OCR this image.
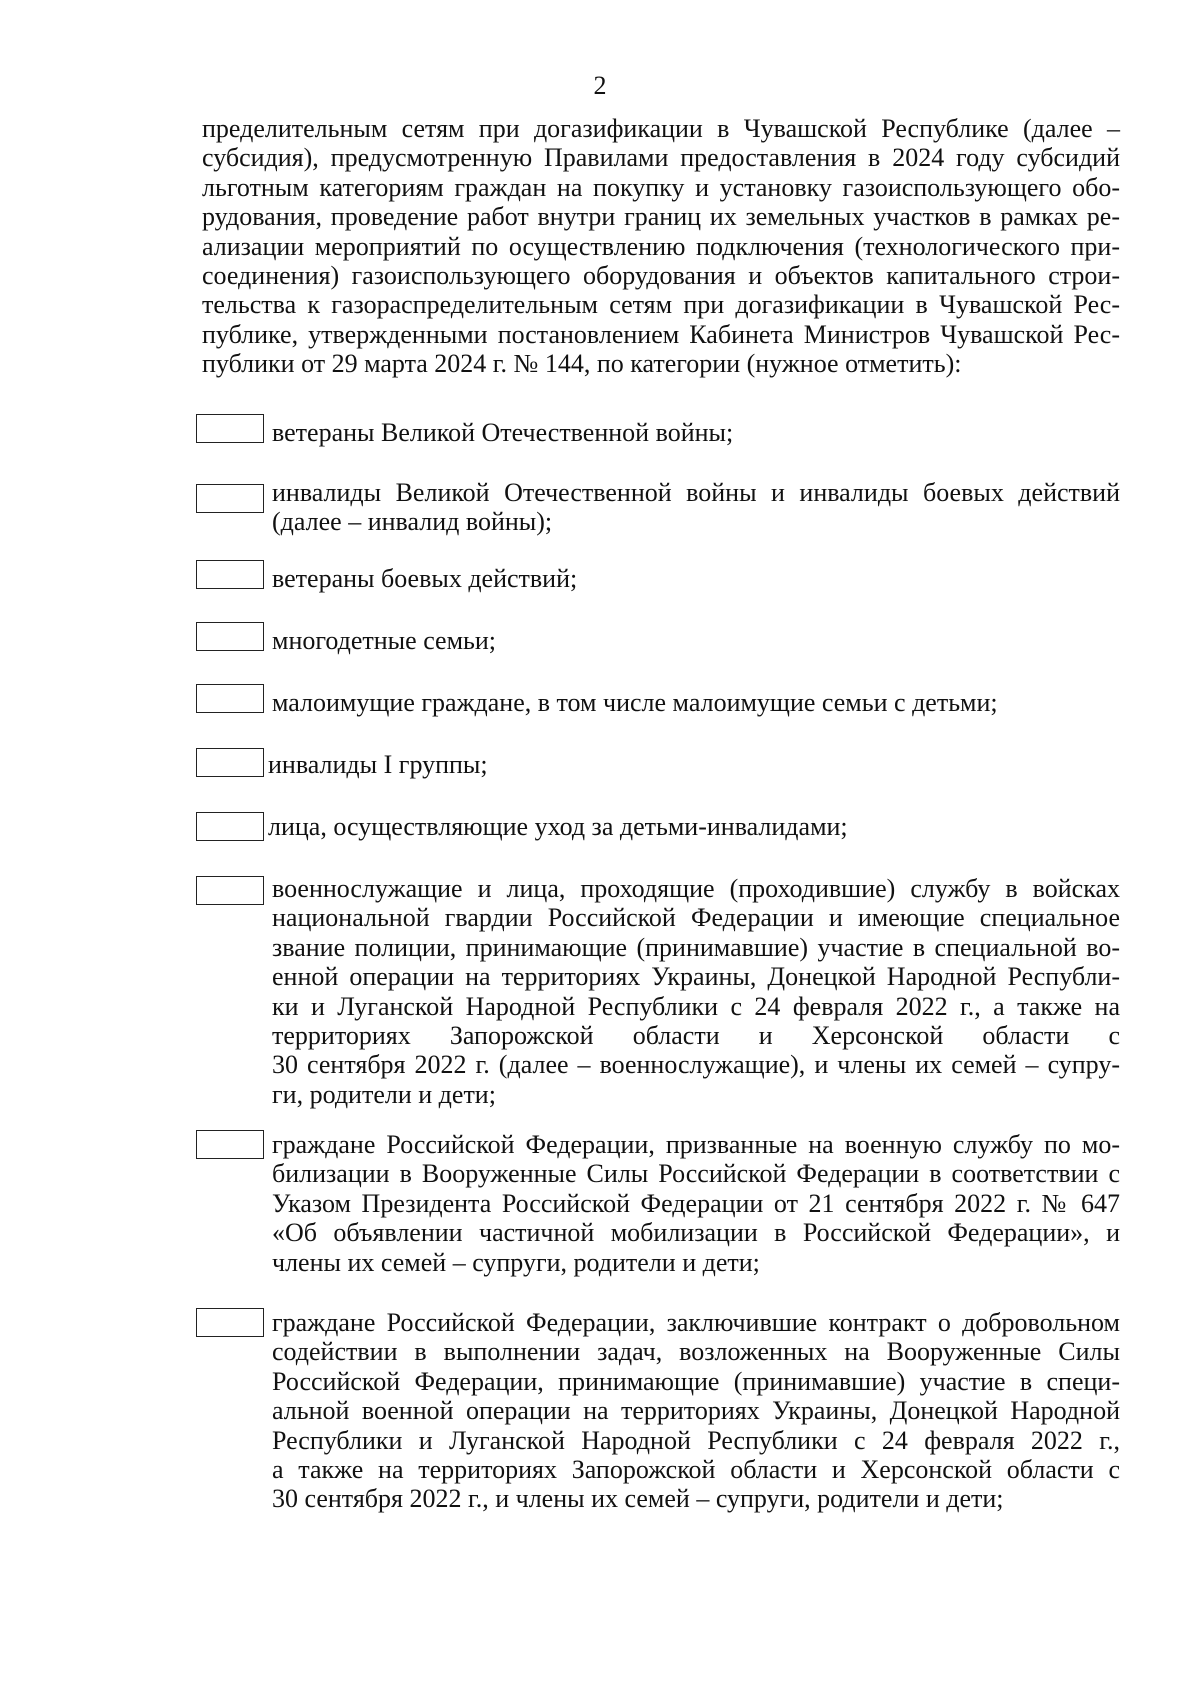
2
пределительным сетям при догазификации в Чувашской Республике (далее –
субсидия), предусмотренную Правилами предоставления в 2024 году субсидий
льготным категориям граждан на покупку и установку газоиспользующего обо-
рудования, проведение работ внутри границ их земельных участков в рамках ре-
ализации мероприятий по осуществлению подключения (технологического при-
соединения) газоиспользующего оборудования и объектов капитального строи-
тельства к газораспределительным сетям при догазификации в Чувашской Рес-
публике, утвержденными постановлением Кабинета Министров Чувашской Рес-
публики от 29 марта 2024 г. № 144, по категории (нужное отметить):
ветераны Великой Отечественной войны;
инвалиды Великой Отечественной войны и инвалиды боевых действий
(далее – инвалид войны);
ветераны боевых действий;
многодетные семьи;
малоимущие граждане, в том числе малоимущие семьи с детьми;
инвалиды I группы;
лица, осуществляющие уход за детьми-инвалидами;
военнослужащие и лица, проходящие (проходившие) службу в войсках
национальной гвардии Российской Федерации и имеющие специальное
звание полиции, принимающие (принимавшие) участие в специальной во-
енной операции на территориях Украины, Донецкой Народной Республи-
ки и Луганской Народной Республики с 24 февраля 2022 г., а также на
территориях Запорожской области и Херсонской области с
30 сентября 2022 г. (далее – военнослужащие), и члены их семей – супру-
ги, родители и дети;
граждане Российской Федерации, призванные на военную службу по мо-
билизации в Вооруженные Силы Российской Федерации в соответствии с
Указом Президента Российской Федерации от 21 сентября 2022 г. № 647
«Об объявлении частичной мобилизации в Российской Федерации», и
члены их семей – супруги, родители и дети;
граждане Российской Федерации, заключившие контракт о добровольном
содействии в выполнении задач, возложенных на Вооруженные Силы
Российской Федерации, принимающие (принимавшие) участие в специ-
альной военной операции на территориях Украины, Донецкой Народной
Республики и Луганской Народной Республики с 24 февраля 2022 г.,
а также на территориях Запорожской области и Херсонской области с
30 сентября 2022 г., и члены их семей – супруги, родители и дети;
